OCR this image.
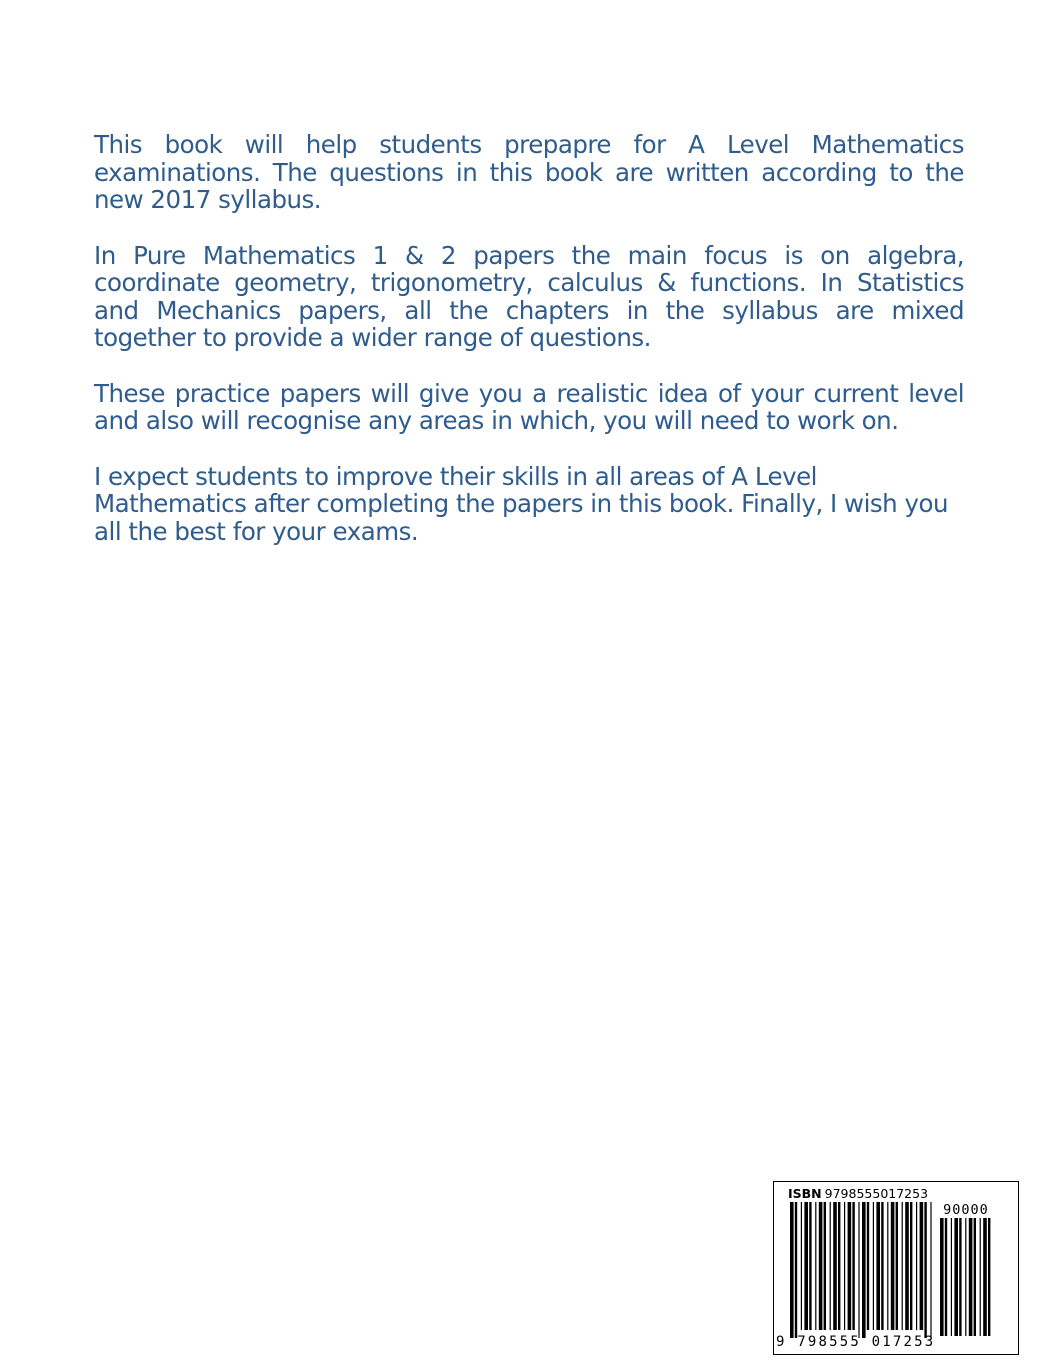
This book will help students prepapre for A Level Mathematics examinations. The questions in this book are written according to the new 2017 syllabus.

In Pure Mathematics 1 & 2 papers the main focus is on algebra, coordinate geometry, trigonometry, calculus & functions. In Statistics and Mechanics papers, all the chapters in the syllabus are mixed together to provide a wider range of questions.

These practice papers will give you a realistic idea of your current level and also will recognise any areas in which, you will need to work on.

I expect students to improve their skills in all areas of A Level Mathematics after completing the papers in this book. Finally, I wish you all the best for your exams.

ISBN 9798555017253
90000
9 798555 017253
